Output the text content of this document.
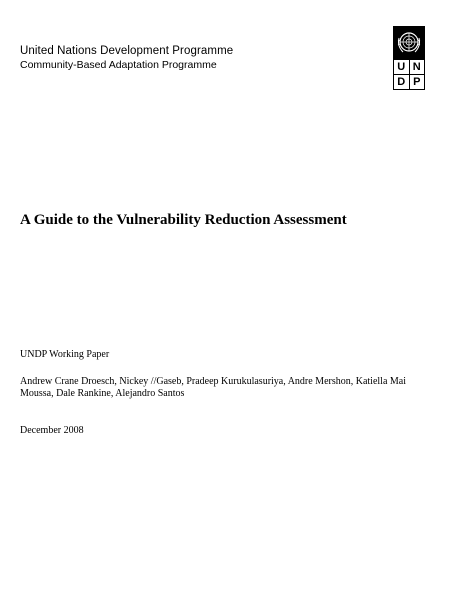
United Nations Development Programme
Community-Based Adaptation Programme	U N
D P
A Guide to the Vulnerability Reduction Assessment
UNDP Working Paper
Andrew Crane Droesch, Nickey //Gaseb, Pradeep Kurukulasuriya, Andre Mershon, Katiella Mai
Moussa, Dale Rankine, Alejandro Santos
December 2008
